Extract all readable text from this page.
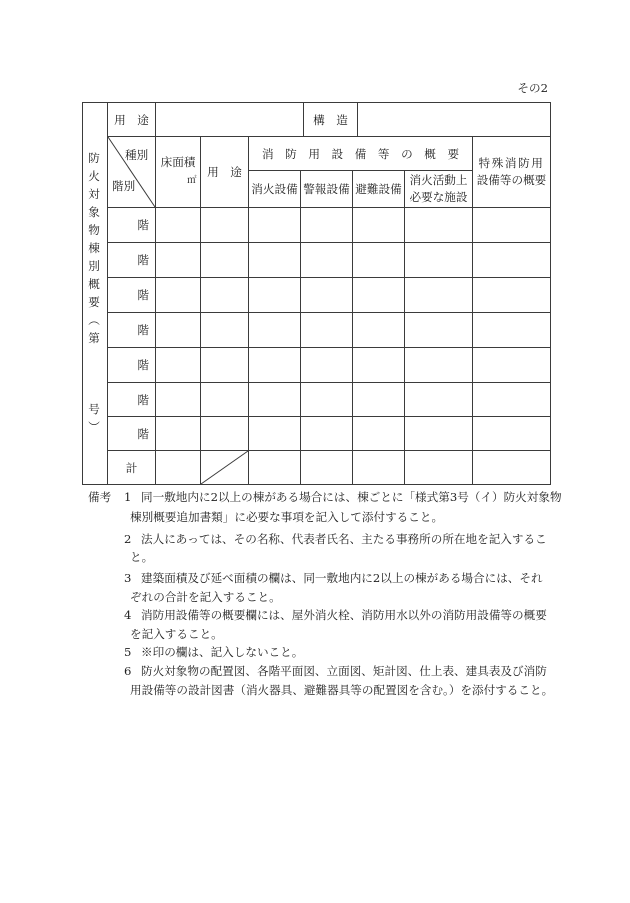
その2
防火対象物棟別概要（第
号）
用　途	構　造
種別
階別
床面積
㎡
用　途
消　防　用　設　備　等　の　概　要
消火設備 警報設備 避難設備
消火活動上
必要な施設
特殊消防用
設備等の概要
階
階
階
階
階
階
階
計
備考 1 同一敷地内に2以上の棟がある場合には、棟ごとに「様式第3号（イ）防火対象物
棟別概要追加書類」に必要な事項を記入して添付すること。
2 法人にあっては、その名称、代表者氏名、主たる事務所の所在地を記入するこ
と。
3 建築面積及び延べ面積の欄は、同一敷地内に2以上の棟がある場合には、それ
ぞれの合計を記入すること。
4 消防用設備等の概要欄には、屋外消火栓、消防用水以外の消防用設備等の概要
を記入すること。
5 ※印の欄は、記入しないこと。
6 防火対象物の配置図、各階平面図、立面図、矩計図、仕上表、建具表及び消防
用設備等の設計図書（消火器具、避難器具等の配置図を含む。）を添付すること。
